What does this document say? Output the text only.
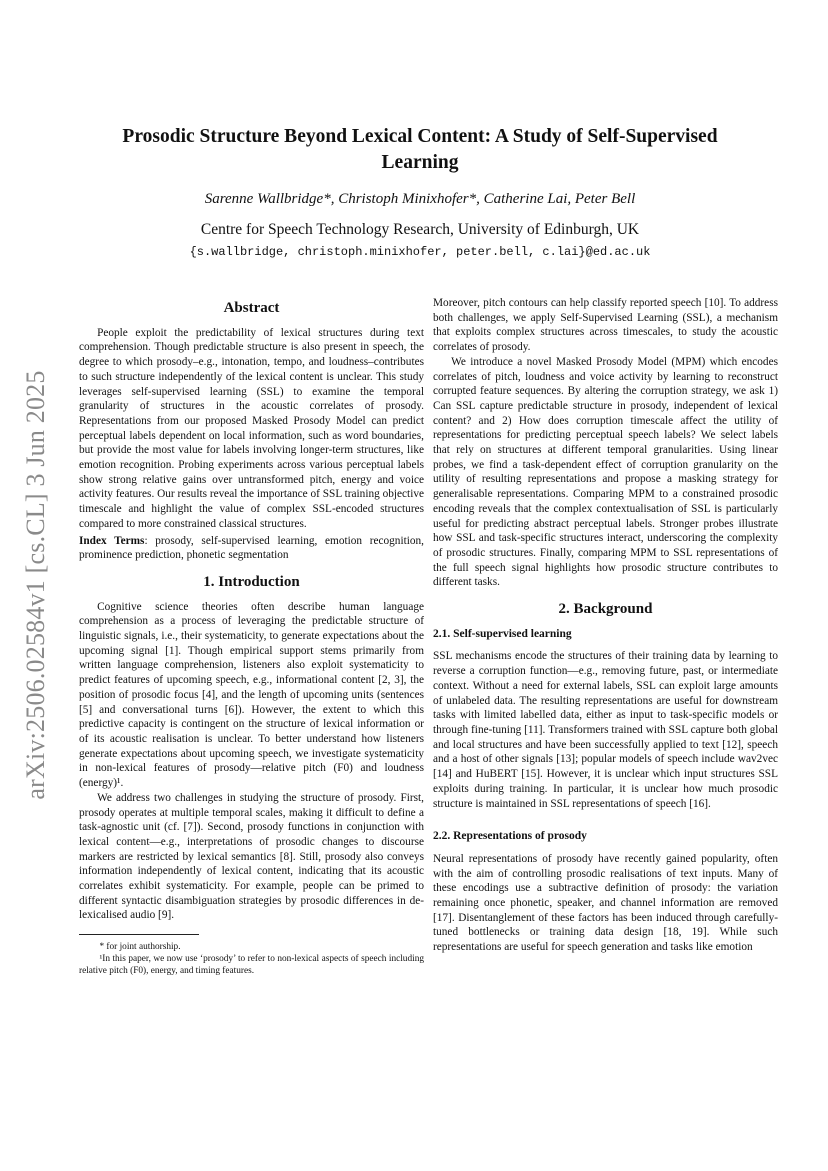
arXiv:2506.02584v1 [cs.CL] 3 Jun 2025
Prosodic Structure Beyond Lexical Content: A Study of Self-Supervised Learning
Sarenne Wallbridge*, Christoph Minixhofer*, Catherine Lai, Peter Bell
Centre for Speech Technology Research, University of Edinburgh, UK
{s.wallbridge, christoph.minixhofer, peter.bell, c.lai}@ed.ac.uk
Abstract

People exploit the predictability of lexical structures during text comprehension. Though predictable structure is also present in speech, the degree to which prosody–e.g., intonation, tempo, and loudness–contributes to such structure independently of the lexical content is unclear. This study leverages self-supervised learning (SSL) to examine the temporal granularity of structures in the acoustic correlates of prosody. Representations from our proposed Masked Prosody Model can predict perceptual labels dependent on local information, such as word boundaries, but provide the most value for labels involving longer-term structures, like emotion recognition. Probing experiments across various perceptual labels show strong relative gains over untransformed pitch, energy and voice activity features. Our results reveal the importance of SSL training objective timescale and highlight the value of complex SSL-encoded structures compared to more constrained classical structures.

Index Terms: prosody, self-supervised learning, emotion recognition, prominence prediction, phonetic segmentation

1. Introduction

Cognitive science theories often describe human language comprehension as a process of leveraging the predictable structure of linguistic signals, i.e., their systematicity, to generate expectations about the upcoming signal [1]. Though empirical support stems primarily from written language comprehension, listeners also exploit systematicity to predict features of upcoming speech, e.g., informational content [2, 3], the position of prosodic focus [4], and the length of upcoming units (sentences [5] and conversational turns [6]). However, the extent to which this predictive capacity is contingent on the structure of lexical information or of its acoustic realisation is unclear. To better understand how listeners generate expectations about upcoming speech, we investigate systematicity in non-lexical features of prosody—relative pitch (F0) and loudness (energy)¹.

We address two challenges in studying the structure of prosody. First, prosody operates at multiple temporal scales, making it difficult to define a task-agnostic unit (cf. [7]). Second, prosody functions in conjunction with lexical content—e.g., interpretations of prosodic changes to discourse markers are restricted by lexical semantics [8]. Still, prosody also conveys information independently of lexical content, indicating that its acoustic correlates exhibit systematicity. For example, people can be primed to different syntactic disambiguation strategies by prosodic differences in de-lexicalised audio [9].

* for joint authorship.
¹In this paper, we now use ‘prosody’ to refer to non-lexical aspects of speech including relative pitch (F0), energy, and timing features.

Moreover, pitch contours can help classify reported speech [10]. To address both challenges, we apply Self-Supervised Learning (SSL), a mechanism that exploits complex structures across timescales, to study the acoustic correlates of prosody.

We introduce a novel Masked Prosody Model (MPM) which encodes correlates of pitch, loudness and voice activity by learning to reconstruct corrupted feature sequences. By altering the corruption strategy, we ask 1) Can SSL capture predictable structure in prosody, independent of lexical content? and 2) How does corruption timescale affect the utility of representations for predicting perceptual speech labels? We select labels that rely on structures at different temporal granularities. Using linear probes, we find a task-dependent effect of corruption granularity on the utility of resulting representations and propose a masking strategy for generalisable representations. Comparing MPM to a constrained prosodic encoding reveals that the complex contextualisation of SSL is particularly useful for predicting abstract perceptual labels. Stronger probes illustrate how SSL and task-specific structures interact, underscoring the complexity of prosodic structures. Finally, comparing MPM to SSL representations of the full speech signal highlights how prosodic structure contributes to different tasks.

2. Background
2.1. Self-supervised learning

SSL mechanisms encode the structures of their training data by learning to reverse a corruption function—e.g., removing future, past, or intermediate context. Without a need for external labels, SSL can exploit large amounts of unlabeled data. The resulting representations are useful for downstream tasks with limited labelled data, either as input to task-specific models or through fine-tuning [11]. Transformers trained with SSL capture both global and local structures and have been successfully applied to text [12], speech and a host of other signals [13]; popular models of speech include wav2vec [14] and HuBERT [15]. However, it is unclear which input structures SSL exploits during training. In particular, it is unclear how much prosodic structure is maintained in SSL representations of speech [16].

2.2. Representations of prosody

Neural representations of prosody have recently gained popularity, often with the aim of controlling prosodic realisations of text inputs. Many of these encodings use a subtractive definition of prosody: the variation remaining once phonetic, speaker, and channel information are removed [17]. Disentanglement of these factors has been induced through carefully-tuned bottlenecks or training data design [18, 19]. While such representations are useful for speech generation and tasks like emotion
